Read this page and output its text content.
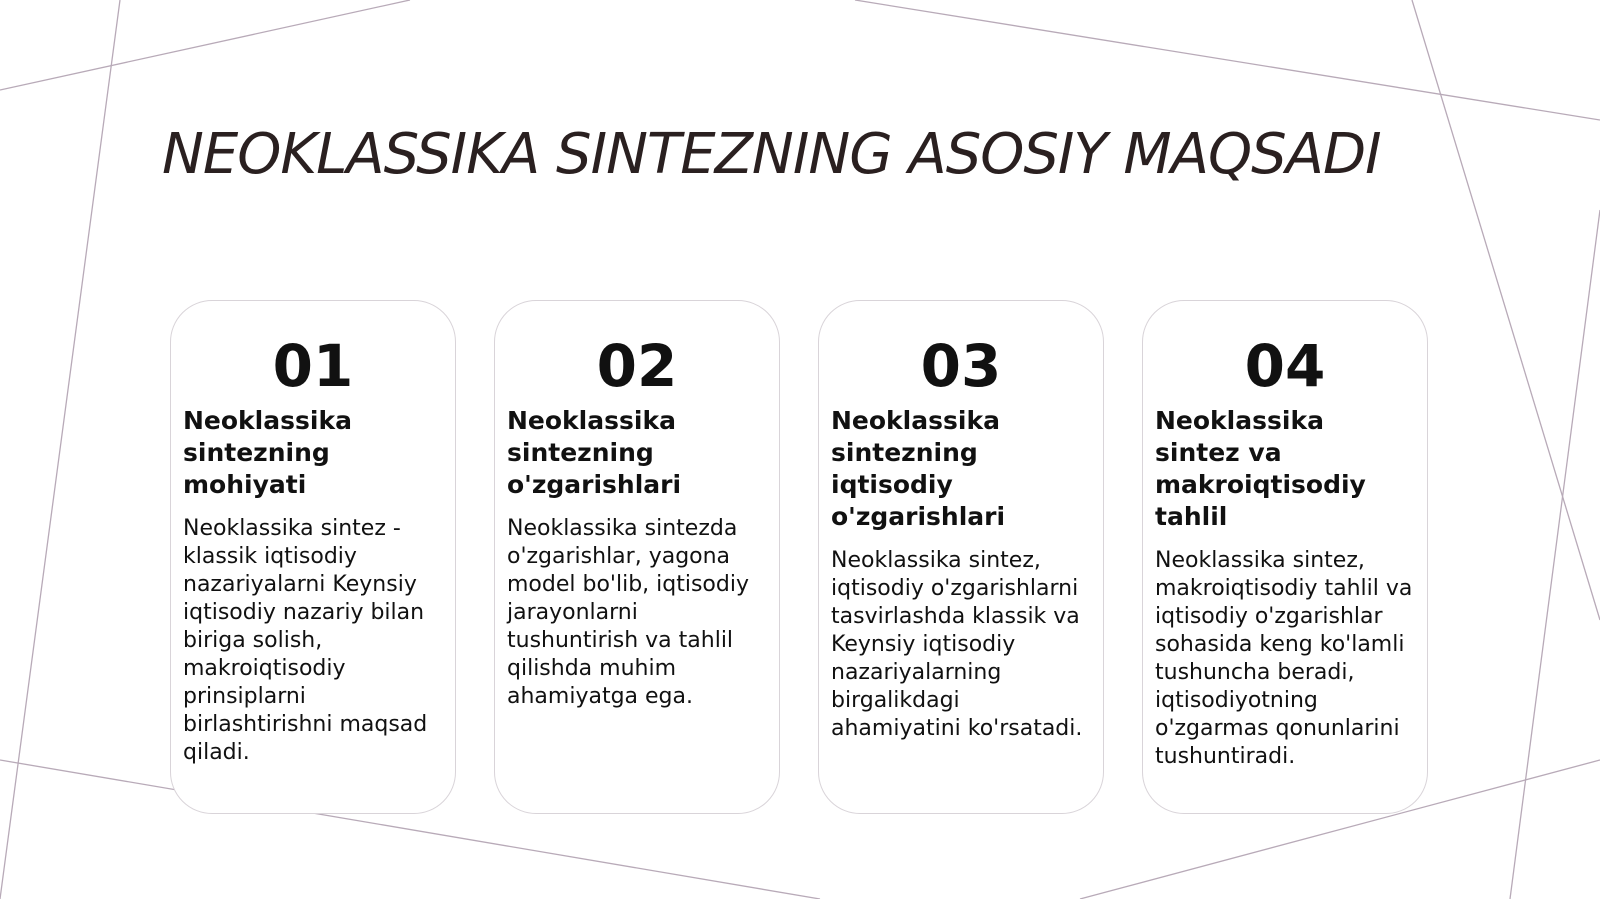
NEOKLASSIKA SINTEZNING ASOSIY MAQSADI
01
Neoklassika sintezning mohiyati

Neoklassika sintez - klassik iqtisodiy nazariyalarni Keynsiy iqtisodiy nazariy bilan biriga solish, makroiqtisodiy prinsiplarni birlashtirishni maqsad qiladi.

02
Neoklassika sintezning o'zgarishlari

Neoklassika sintezda o'zgarishlar, yagona model bo'lib, iqtisodiy jarayonlarni tushuntirish va tahlil qilishda muhim ahamiyatga ega.

03
Neoklassika sintezning iqtisodiy o'zgarishlari

Neoklassika sintez, iqtisodiy o'zgarishlarni tasvirlashda klassik va Keynsiy iqtisodiy nazariyalarning birgalikdagi ahamiyatini ko'rsatadi.

04
Neoklassika sintez va makroiqtisodiy tahlil

Neoklassika sintez, makroiqtisodiy tahlil va iqtisodiy o'zgarishlar sohasida keng ko'lamli tushuncha beradi, iqtisodiyotning o'zgarmas qonunlarini tushuntiradi.
